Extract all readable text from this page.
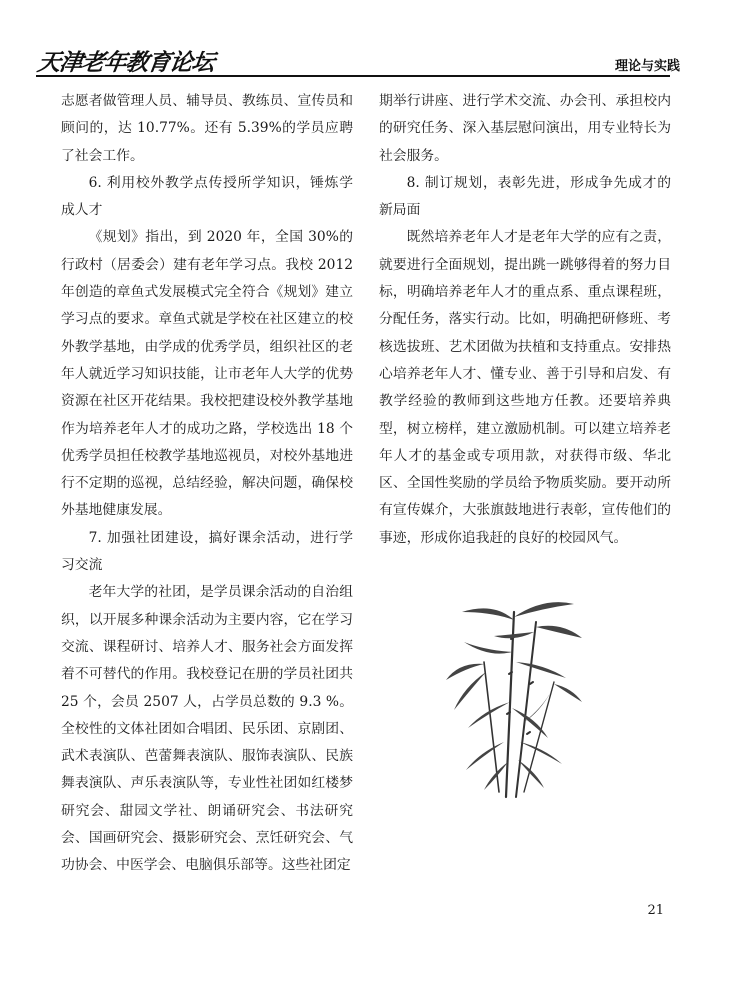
天津老年教育论坛	理论与实践

志愿者做管理人员、辅导员、教练员、宣传员和顾问的，达 10.77%。还有 5.39%的学员应聘了社会工作。

6. 利用校外教学点传授所学知识，锤炼学成人才

《规划》指出，到 2020 年，全国 30%的行政村（居委会）建有老年学习点。我校 2012 年创造的章鱼式发展模式完全符合《规划》建立学习点的要求。章鱼式就是学校在社区建立的校外教学基地，由学成的优秀学员，组织社区的老年人就近学习知识技能，让市老年人大学的优势资源在社区开花结果。我校把建设校外教学基地作为培养老年人才的成功之路，学校选出 18 个优秀学员担任校教学基地巡视员，对校外基地进行不定期的巡视，总结经验，解决问题，确保校外基地健康发展。

7. 加强社团建设，搞好课余活动，进行学习交流

老年大学的社团，是学员课余活动的自治组织，以开展多种课余活动为主要内容，它在学习交流、课程研讨、培养人才、服务社会方面发挥着不可替代的作用。我校登记在册的学员社团共 25 个，会员 2507 人，占学员总数的 9.3 %。全校性的文体社团如合唱团、民乐团、京剧团、武术表演队、芭蕾舞表演队、服饰表演队、民族舞表演队、声乐表演队等，专业性社团如红楼梦研究会、甜园文学社、朗诵研究会、书法研究会、国画研究会、摄影研究会、烹饪研究会、气功协会、中医学会、电脑俱乐部等。这些社团定

期举行讲座、进行学术交流、办会刊、承担校内的研究任务、深入基层慰问演出，用专业特长为社会服务。

8. 制订规划，表彰先进，形成争先成才的新局面

既然培养老年人才是老年大学的应有之责，就要进行全面规划，提出跳一跳够得着的努力目标，明确培养老年人才的重点系、重点课程班，分配任务，落实行动。比如，明确把研修班、考核选拔班、艺术团做为扶植和支持重点。安排热心培养老年人才、懂专业、善于引导和启发、有教学经验的教师到这些地方任教。还要培养典型，树立榜样，建立激励机制。可以建立培养老年人才的基金或专项用款，对获得市级、华北区、全国性奖励的学员给予物质奖励。要开动所有宣传媒介，大张旗鼓地进行表彰，宣传他们的事迹，形成你追我赶的良好的校园风气。

21
